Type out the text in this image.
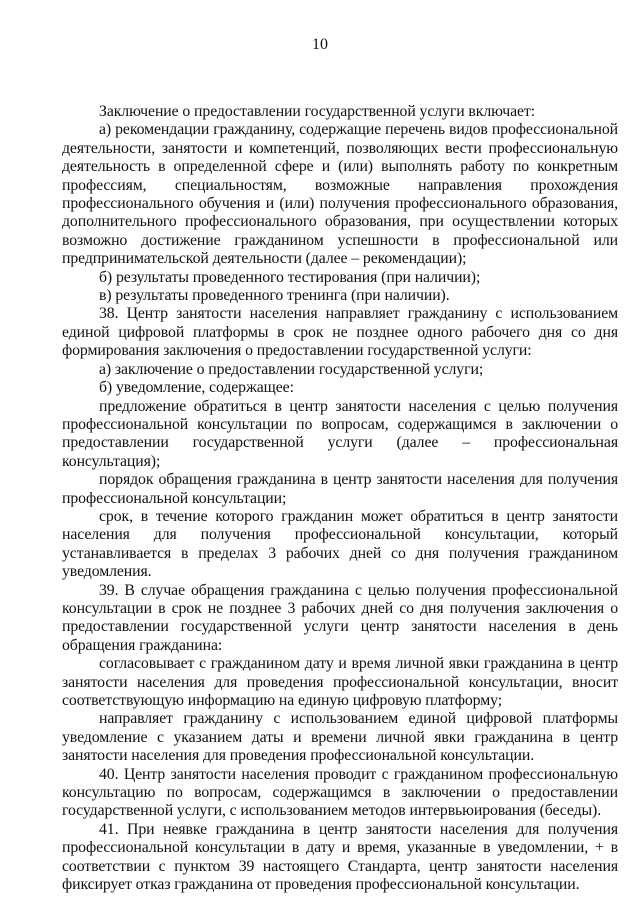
10

Заключение о предоставлении государственной услуги включает:

а) рекомендации гражданину, содержащие перечень видов профессиональной деятельности, занятости и компетенций, позволяющих вести профессиональную деятельность в определенной сфере и (или) выполнять работу по конкретным профессиям, специальностям, возможные направления прохождения профессионального обучения и (или) получения профессионального образования, дополнительного профессионального образования, при осуществлении которых возможно достижение гражданином успешности в профессиональной или предпринимательской деятельности (далее – рекомендации);

б) результаты проведенного тестирования (при наличии);

в) результаты проведенного тренинга (при наличии).

38. Центр занятости населения направляет гражданину с использованием единой цифровой платформы в срок не позднее одного рабочего дня со дня формирования заключения о предоставлении государственной услуги:

а) заключение о предоставлении государственной услуги;

б) уведомление, содержащее:

предложение обратиться в центр занятости населения с целью получения профессиональной консультации по вопросам, содержащимся в заключении о предоставлении государственной услуги (далее – профессиональная консультация);

порядок обращения гражданина в центр занятости населения для получения профессиональной консультации;

срок, в течение которого гражданин может обратиться в центр занятости населения для получения профессиональной консультации, который устанавливается в пределах 3 рабочих дней со дня получения гражданином уведомления.

39. В случае обращения гражданина с целью получения профессиональной консультации в срок не позднее 3 рабочих дней со дня получения заключения о предоставлении государственной услуги центр занятости населения в день обращения гражданина:

согласовывает с гражданином дату и время личной явки гражданина в центр занятости населения для проведения профессиональной консультации, вносит соответствующую информацию на единую цифровую платформу;

направляет гражданину с использованием единой цифровой платформы уведомление с указанием даты и времени личной явки гражданина в центр занятости населения для проведения профессиональной консультации.

40. Центр занятости населения проводит с гражданином профессиональную консультацию по вопросам, содержащимся в заключении о предоставлении государственной услуги, с использованием методов интервьюирования (беседы).

41. При неявке гражданина в центр занятости населения для получения профессиональной консультации в дату и время, указанные в уведомлении, + в соответствии с пунктом 39 настоящего Стандарта, центр занятости населения фиксирует отказ гражданина от проведения профессиональной консультации.
